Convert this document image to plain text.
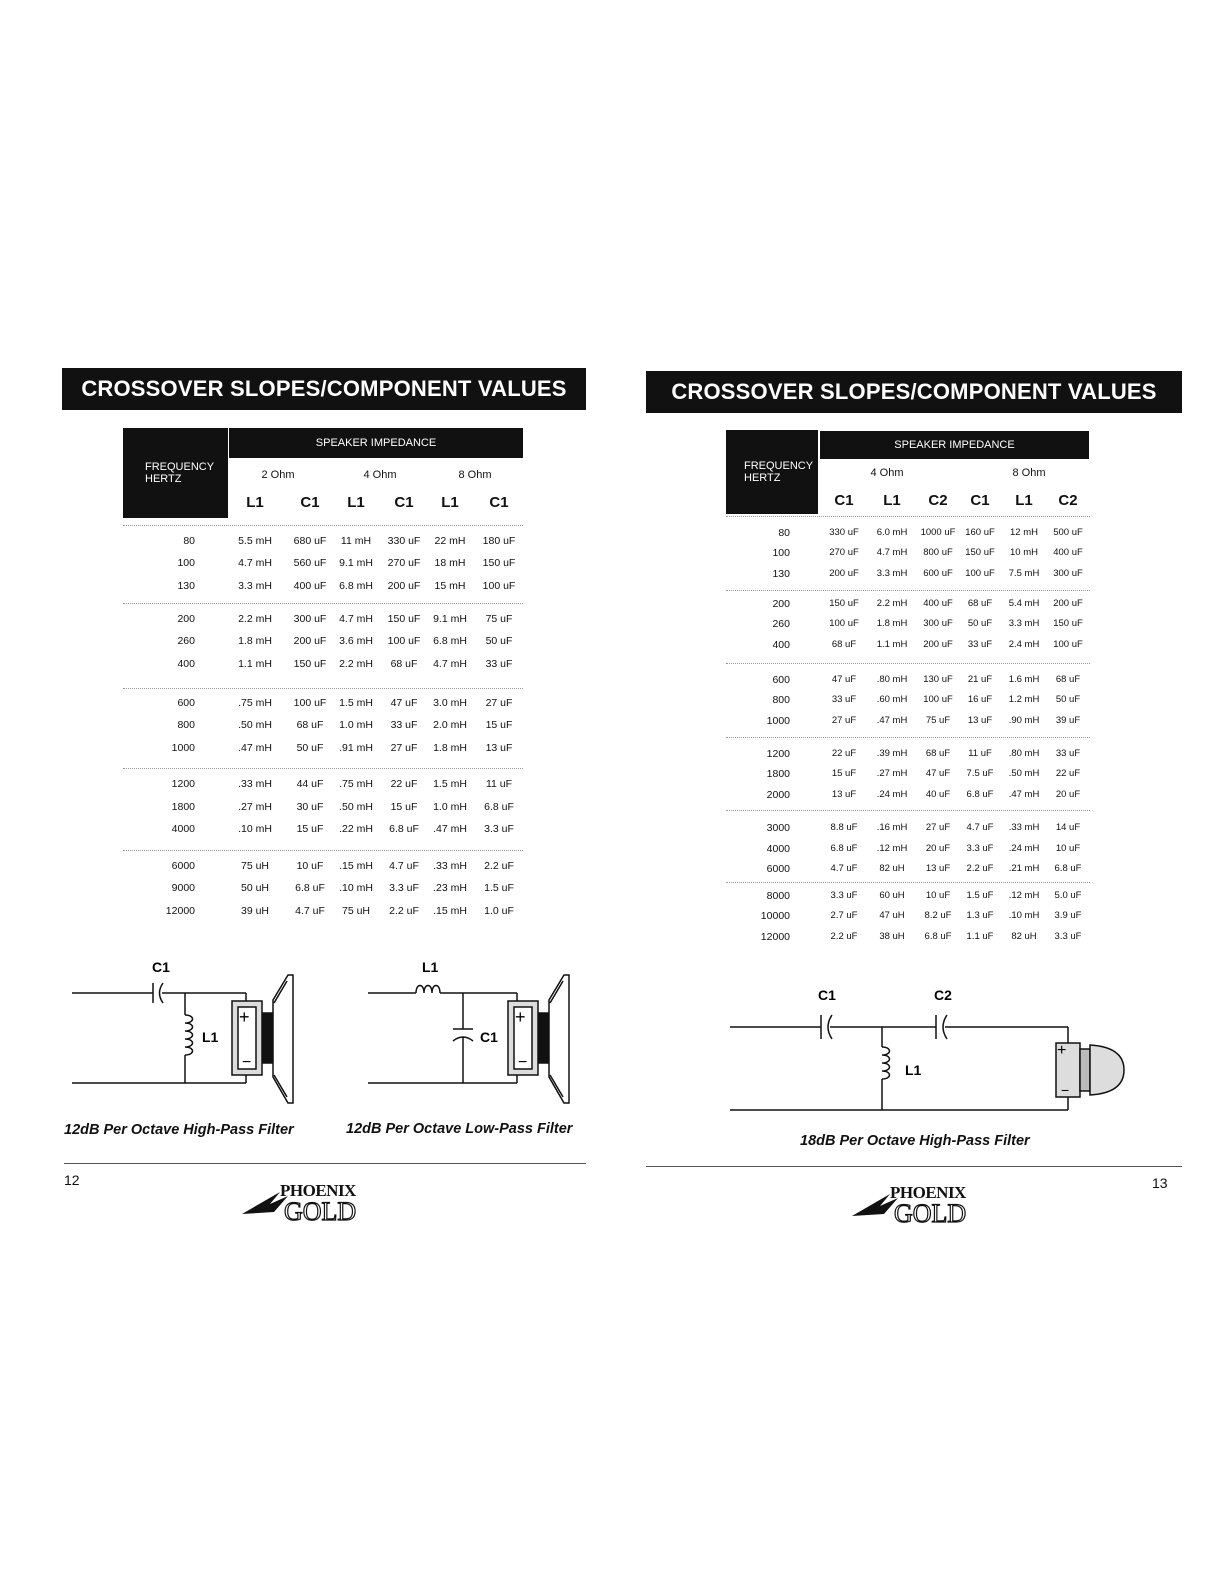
CROSSOVER SLOPES/COMPONENT VALUES
FREQUENCY
HERTZ
SPEAKER IMPEDANCE
2 Ohm	4 Ohm	8 Ohm
L1	C1	L1	C1	L1	C1
80	5.5 mH	680 uF	11 mH	330 uF	22 mH	180 uF
100	4.7 mH	560 uF	9.1 mH	270 uF	18 mH	150 uF
130	3.3 mH	400 uF	6.8 mH	200 uF	15 mH	100 uF
200	2.2 mH	300 uF	4.7 mH	150 uF	9.1 mH	75 uF
260	1.8 mH	200 uF	3.6 mH	100 uF	6.8 mH	50 uF
400	1.1 mH	150 uF	2.2 mH	68 uF	4.7 mH	33 uF
600	.75 mH	100 uF	1.5 mH	47 uF	3.0 mH	27 uF
800	.50 mH	68 uF	1.0 mH	33 uF	2.0 mH	15 uF
1000	.47 mH	50 uF	.91 mH	27 uF	1.8 mH	13 uF
1200	.33 mH	44 uF	.75 mH	22 uF	1.5 mH	11 uF
1800	.27 mH	30 uF	.50 mH	15 uF	1.0 mH	6.8 uF
4000	.10 mH	15 uF	.22 mH	6.8 uF	.47 mH	3.3 uF
6000	75 uH	10 uF	.15 mH	4.7 uF	.33 mH	2.2 uF
9000	50 uH	6.8 uF	.10 mH	3.3 uF	.23 mH	1.5 uF
12000	39 uH	4.7 uF	75 uH	2.2 uF	.15 mH	1.0 uF
C1
+
−
L1
L1
+
−
C1
12dB Per Octave High-Pass Filter	12dB Per Octave Low-Pass Filter
12
PHOENIX
GOLD
CROSSOVER SLOPES/COMPONENT VALUES
FREQUENCY
HERTZ
SPEAKER IMPEDANCE
4 Ohm	8 Ohm
C1	L1	C2	C1	L1	C2
80	330 uF	6.0 mH	1000 uF	160 uF	12 mH	500 uF
100	270 uF	4.7 mH	800 uF	150 uF	10 mH	400 uF
130	200 uF	3.3 mH	600 uF	100 uF	7.5 mH	300 uF
200	150 uF	2.2 mH	400 uF	68 uF	5.4 mH	200 uF
260	100 uF	1.8 mH	300 uF	50 uF	3.3 mH	150 uF
400	68 uF	1.1 mH	200 uF	33 uF	2.4 mH	100 uF
600	47 uF	.80 mH	130 uF	21 uF	1.6 mH	68 uF
800	33 uF	.60 mH	100 uF	16 uF	1.2 mH	50 uF
1000	27 uF	.47 mH	75 uF	13 uF	.90 mH	39 uF
1200	22 uF	.39 mH	68 uF	11 uF	.80 mH	33 uF
1800	15 uF	.27 mH	47 uF	7.5 uF	.50 mH	22 uF
2000	13 uF	.24 mH	40 uF	6.8 uF	.47 mH	20 uF
3000	8.8 uF	.16 mH	27 uF	4.7 uF	.33 mH	14 uF
4000	6.8 uF	.12 mH	20 uF	3.3 uF	.24 mH	10 uF
6000	4.7 uF	82 uH	13 uF	2.2 uF	.21 mH	6.8 uF
8000	3.3 uF	60 uH	10 uF	1.5 uF	.12 mH	5.0 uF
10000	2.7 uF	47 uH	8.2 uF	1.3 uF	.10 mH	3.9 uF
12000	2.2 uF	38 uH	6.8 uF	1.1 uF	82 uH	3.3 uF
C1	C2
+
−
L1
18dB Per Octave High-Pass Filter
13
PHOENIX
GOLD
